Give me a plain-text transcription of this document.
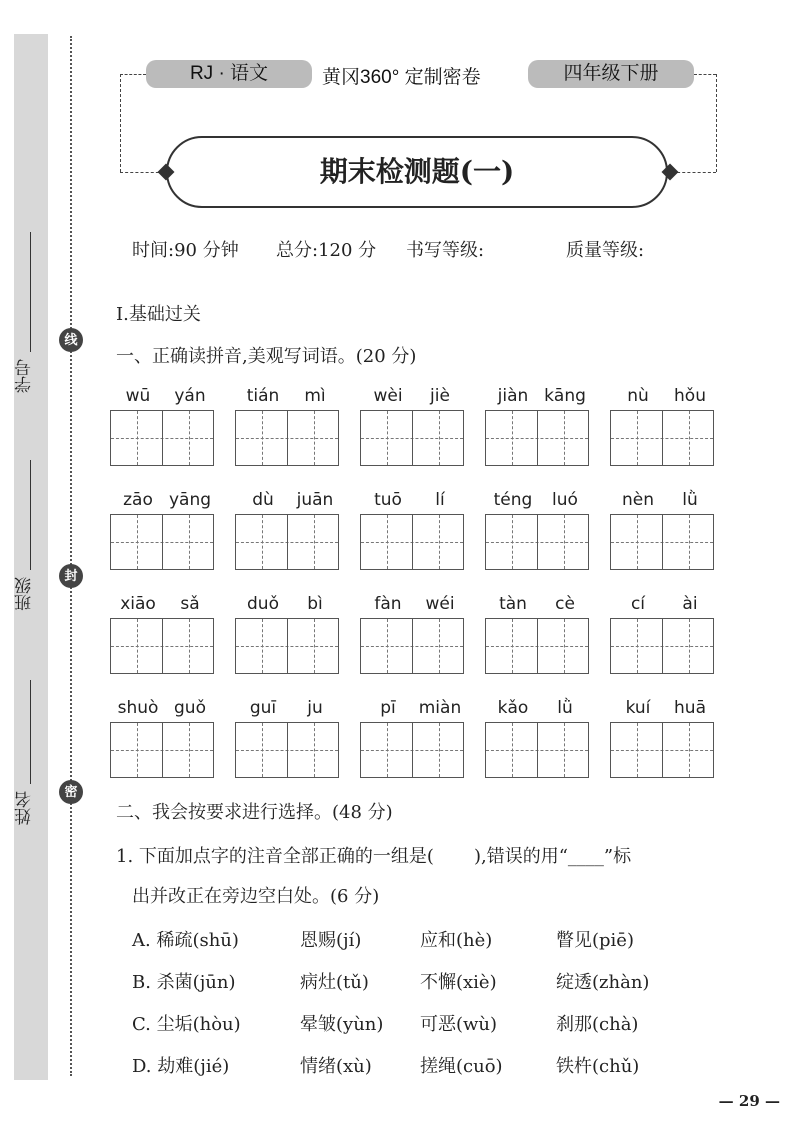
学号
班级
姓名
线
封
密
RJ · 语文	黄冈360° 定制密卷	四年级下册
期末检测题(一)
时间:90 分钟 总分:120 分 书写等级:	质量等级:
Ⅰ.基础过关
一、正确读拼音,美观写词语。(20 分)
wū	yán	tián	mì	wèi	jiè	jiàn kāng	nù	hǒu
zāo yāng	dù	juān	tuō	lí	téng	luó	nèn	lǜ
xiāo	sǎ	duǒ	bì	fàn	wéi	tàn	cè	cí	ài
shuò guǒ	guī	ju	pī	miàn	kǎo	lǜ	kuí	huā
二、我会按要求进行选择。(48 分)
1. 下面加点字的注音全部正确的一组是(       ),错误的用“____”标
出并改正在旁边空白处。(6 分)
A. 稀疏(shū)	恩赐(jí)	应和(hè)	瞥见(piē)
B. 杀菌(jūn)	病灶(tǔ)	不懈(xiè)	绽透(zhàn)
C. 尘垢(hòu)	晕皱(yùn) 可恶(wù)	刹那(chà)
D. 劫难(jié)	情绪(xù)	搓绳(cuō)	铁杵(chǔ)
— 29 —
